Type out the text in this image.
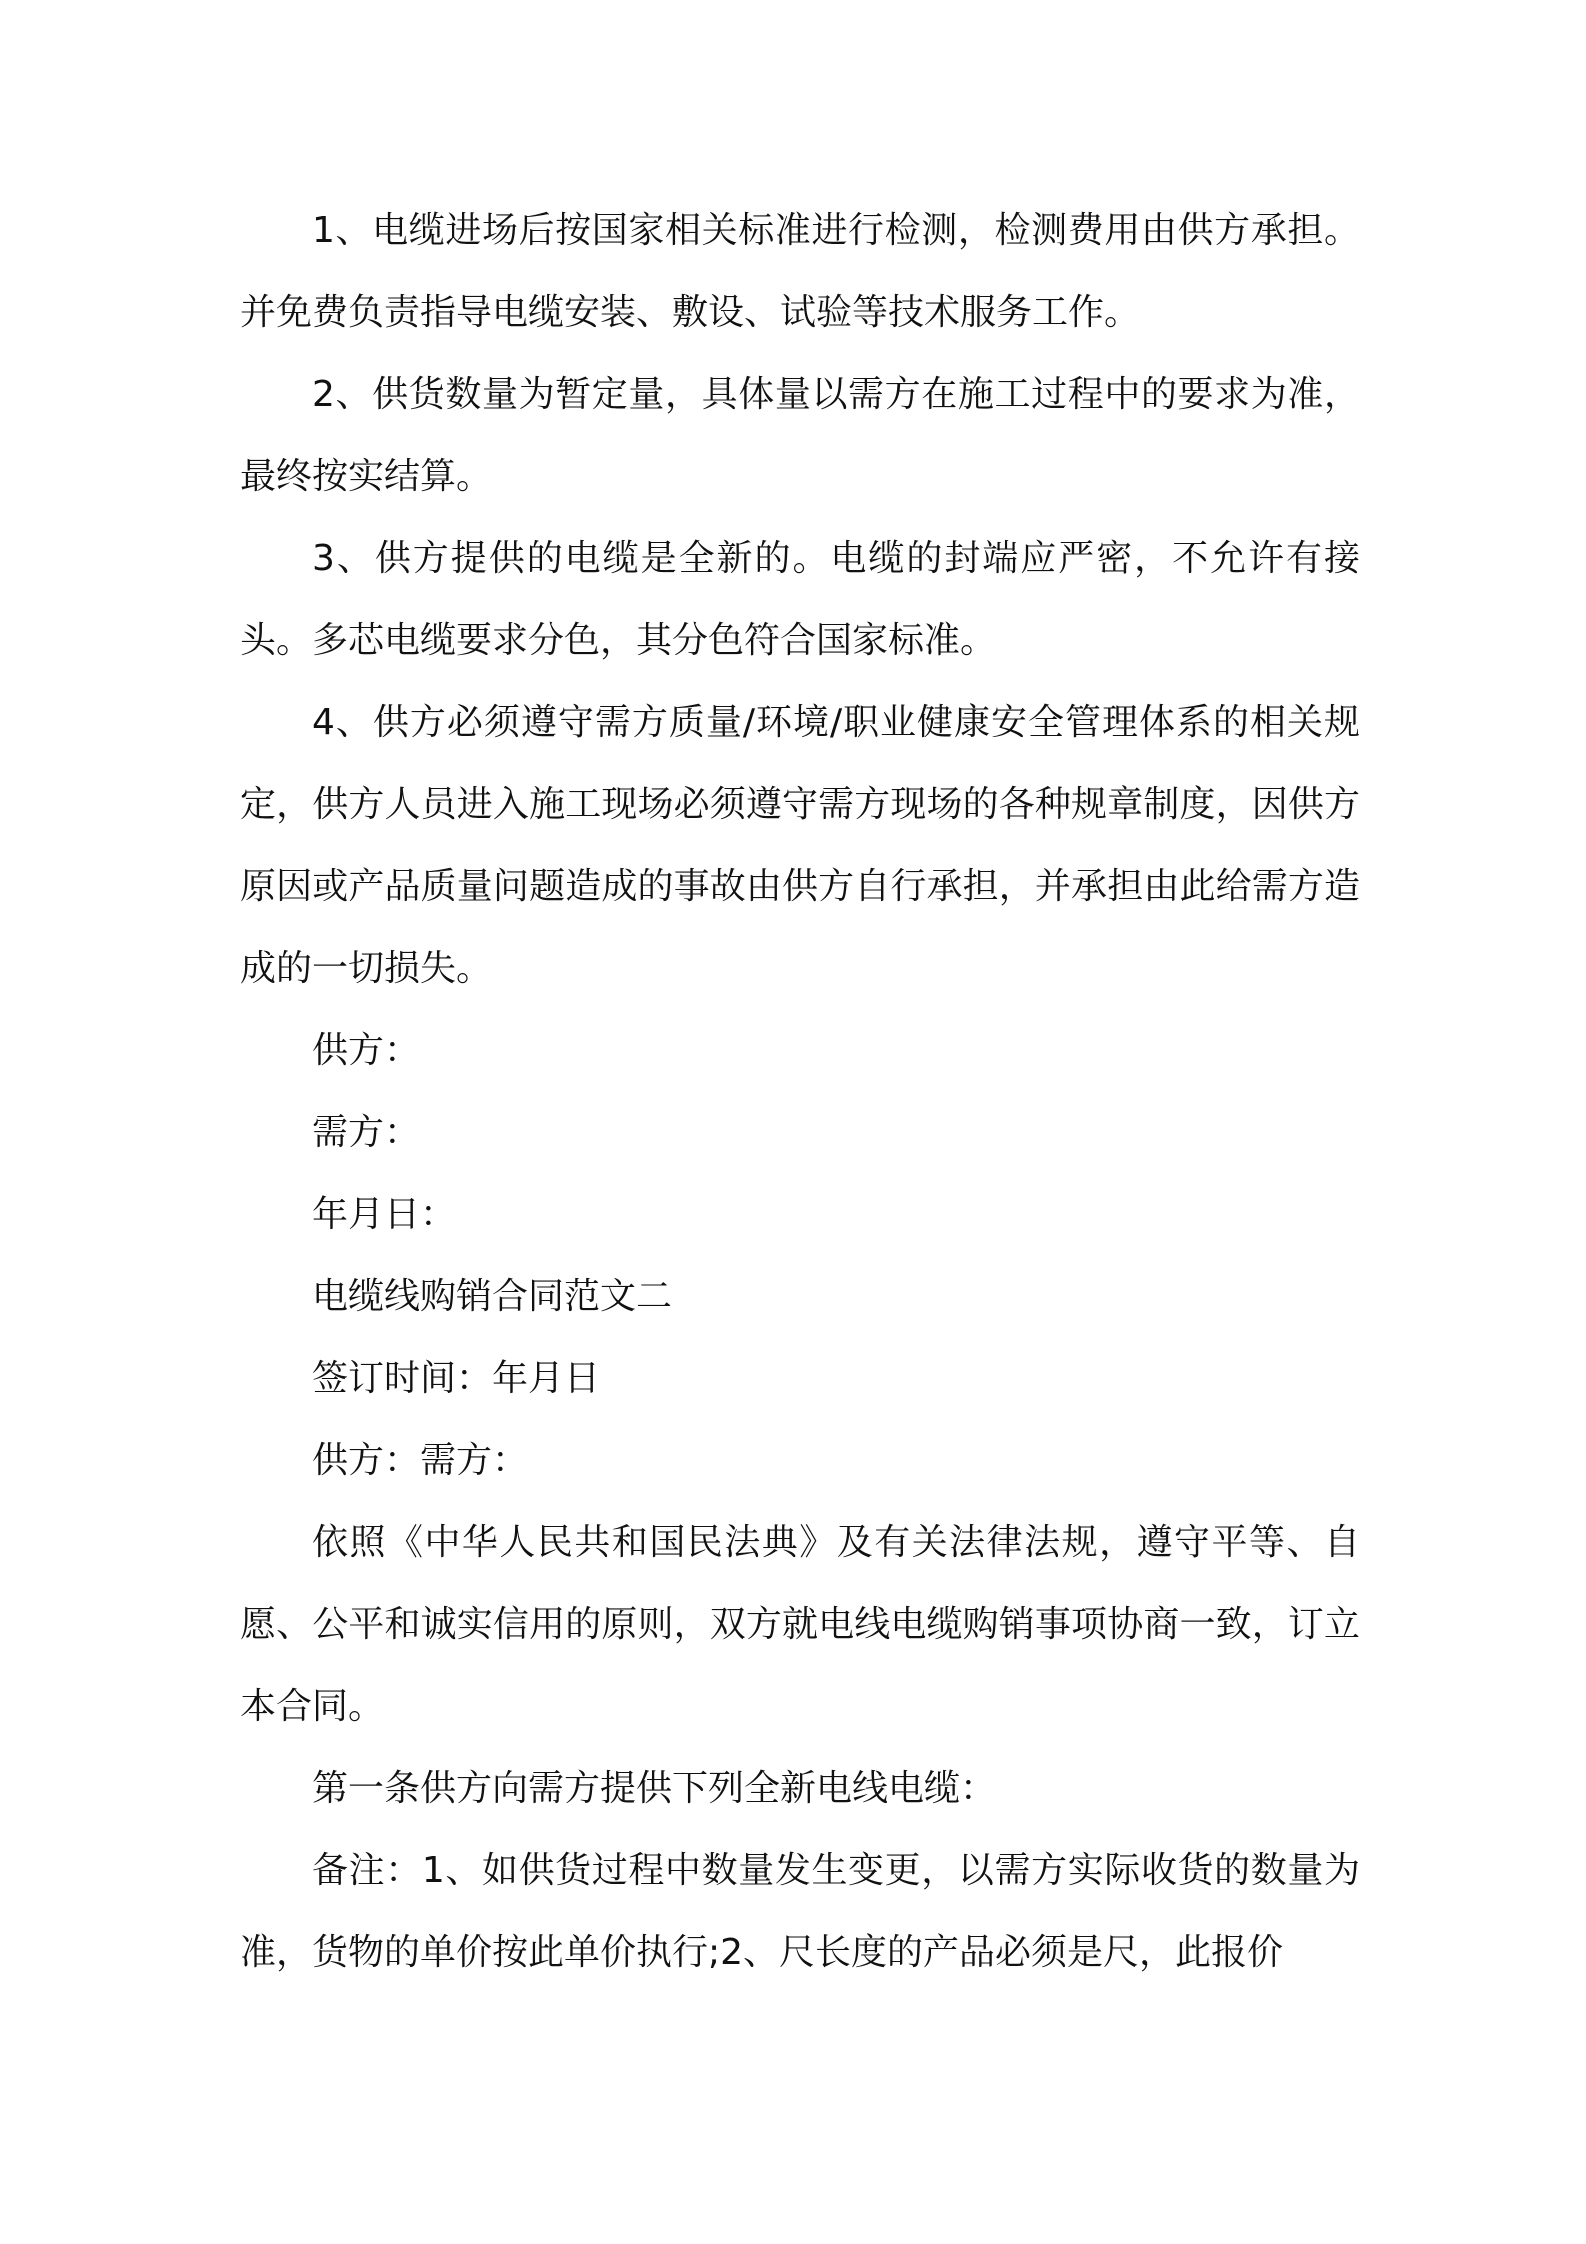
1、电缆进场后按国家相关标准进行检测，检测费用由供方承担。并免费负责指导电缆安装、敷设、试验等技术服务工作。

2、供货数量为暂定量，具体量以需方在施工过程中的要求为准，最终按实结算。

3、供方提供的电缆是全新的。电缆的封端应严密，不允许有接头。多芯电缆要求分色，其分色符合国家标准。

4、供方必须遵守需方质量/环境/职业健康安全管理体系的相关规定，供方人员进入施工现场必须遵守需方现场的各种规章制度，因供方原因或产品质量问题造成的事故由供方自行承担，并承担由此给需方造成的一切损失。

供方：

需方：

年月日：

电缆线购销合同范文二

签订时间：年月日

供方：需方：

依照《中华人民共和国民法典》及有关法律法规，遵守平等、自愿、公平和诚实信用的原则，双方就电线电缆购销事项协商一致，订立本合同。

第一条供方向需方提供下列全新电线电缆：

备注：1、如供货过程中数量发生变更，以需方实际收货的数量为准，货物的单价按此单价执行;2、尺长度的产品必须是尺，此报价
